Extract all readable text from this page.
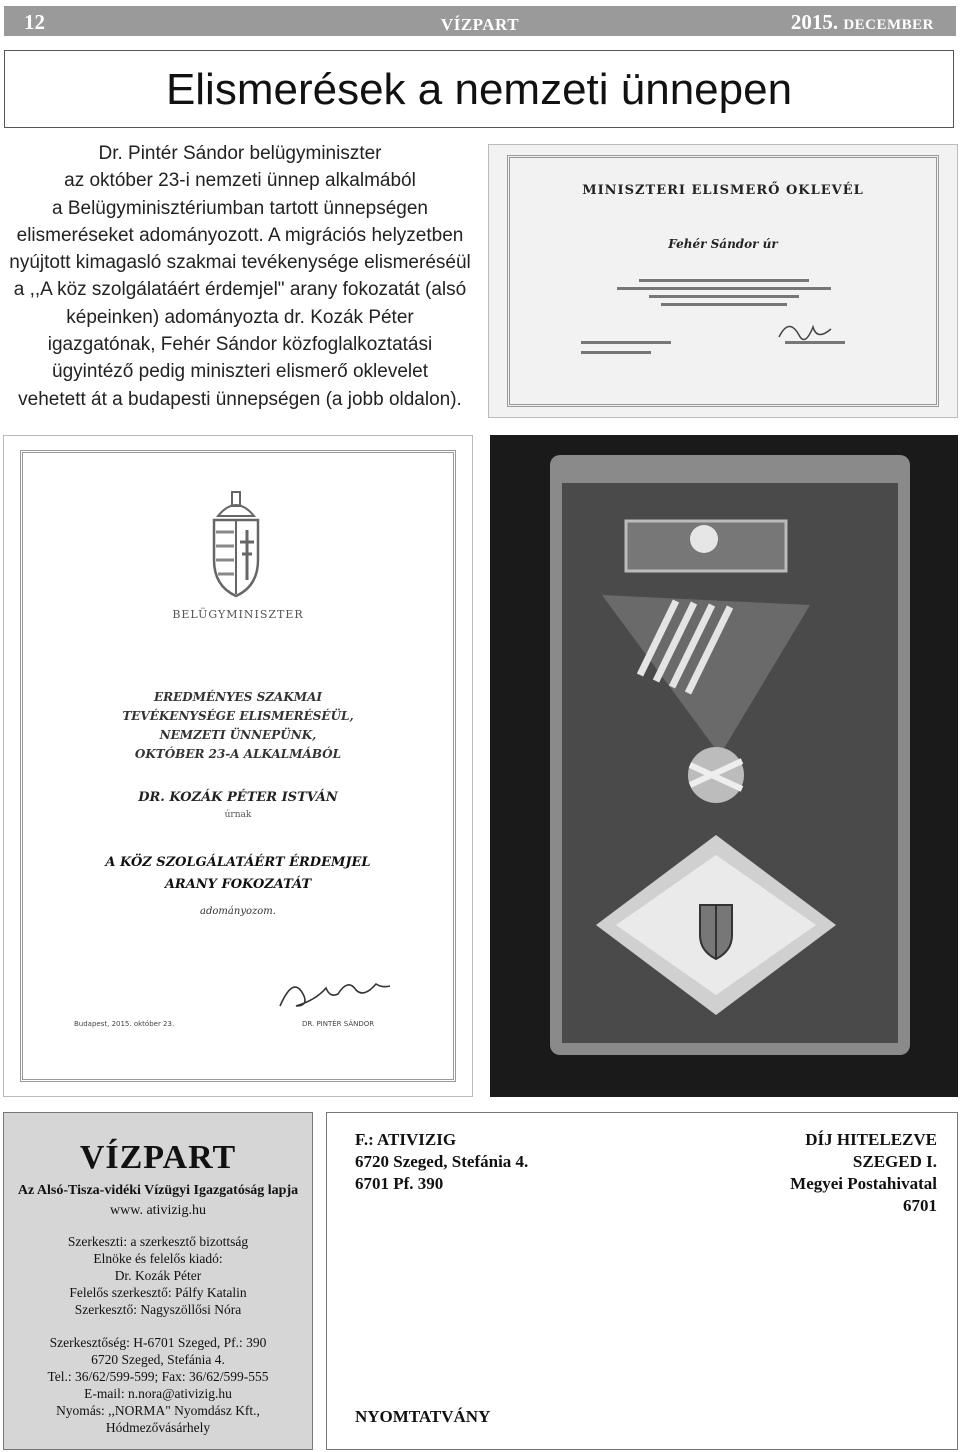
12	VÍZPART	2015. DECEMBER
Elismerések a nemzeti ünnepen
Dr. Pintér Sándor belügyminiszter
az október 23-i nemzeti ünnep alkalmából
a Belügyminisztériumban tartott ünnepségen
elismeréseket adományozott. A migrációs helyzetben
nyújtott kimagasló szakmai tevékenysége elismeréséül
a ,,A köz szolgálatáért érdemjel" arany fokozatát (alsó
képeinken) adományozta dr. Kozák Péter
igazgatónak, Fehér Sándor közfoglalkoztatási
ügyintéző pedig miniszteri elismerő oklevelet
vehetett át a budapesti ünnepségen (a jobb oldalon).
MINISZTERI ELISMERŐ OKLEVÉL
Fehér Sándor úr
BELÜGYMINISZTER
EREDMÉNYES SZAKMAI
TEVÉKENYSÉGE ELISMERÉSÉÜL,
NEMZETI ÜNNEPÜNK,
OKTÓBER 23-A ALKALMÁBÓL
DR. KOZÁK PÉTER ISTVÁN
úrnak
A KÖZ SZOLGÁLATÁÉRT ÉRDEMJEL
ARANY FOKOZATÁT
adományozom.
Budapest, 2015. október 23.	DR. PINTÉR SÁNDOR
VÍZPART
Az Alsó-Tisza-vidéki Vízügyi Igazgatóság lapja
www. ativizig.hu
Szerkeszti: a szerkesztő bizottság
Elnöke és felelős kiadó:
Dr. Kozák Péter
Felelős szerkesztő: Pálfy Katalin
Szerkesztő: Nagyszöllősi Nóra
Szerkesztőség: H-6701 Szeged, Pf.: 390
6720 Szeged, Stefánia 4.
Tel.: 36/62/599-599; Fax: 36/62/599-555
E-mail: n.nora@ativizig.hu
Nyomás: ,,NORMA" Nyomdász Kft.,
Hódmezővásárhely
F.: ATIVIZIG
6720 Szeged, Stefánia 4.
6701 Pf. 390
DÍJ HITELEZVE
SZEGED I.
Megyei Postahivatal
6701
NYOMTATVÁNY
